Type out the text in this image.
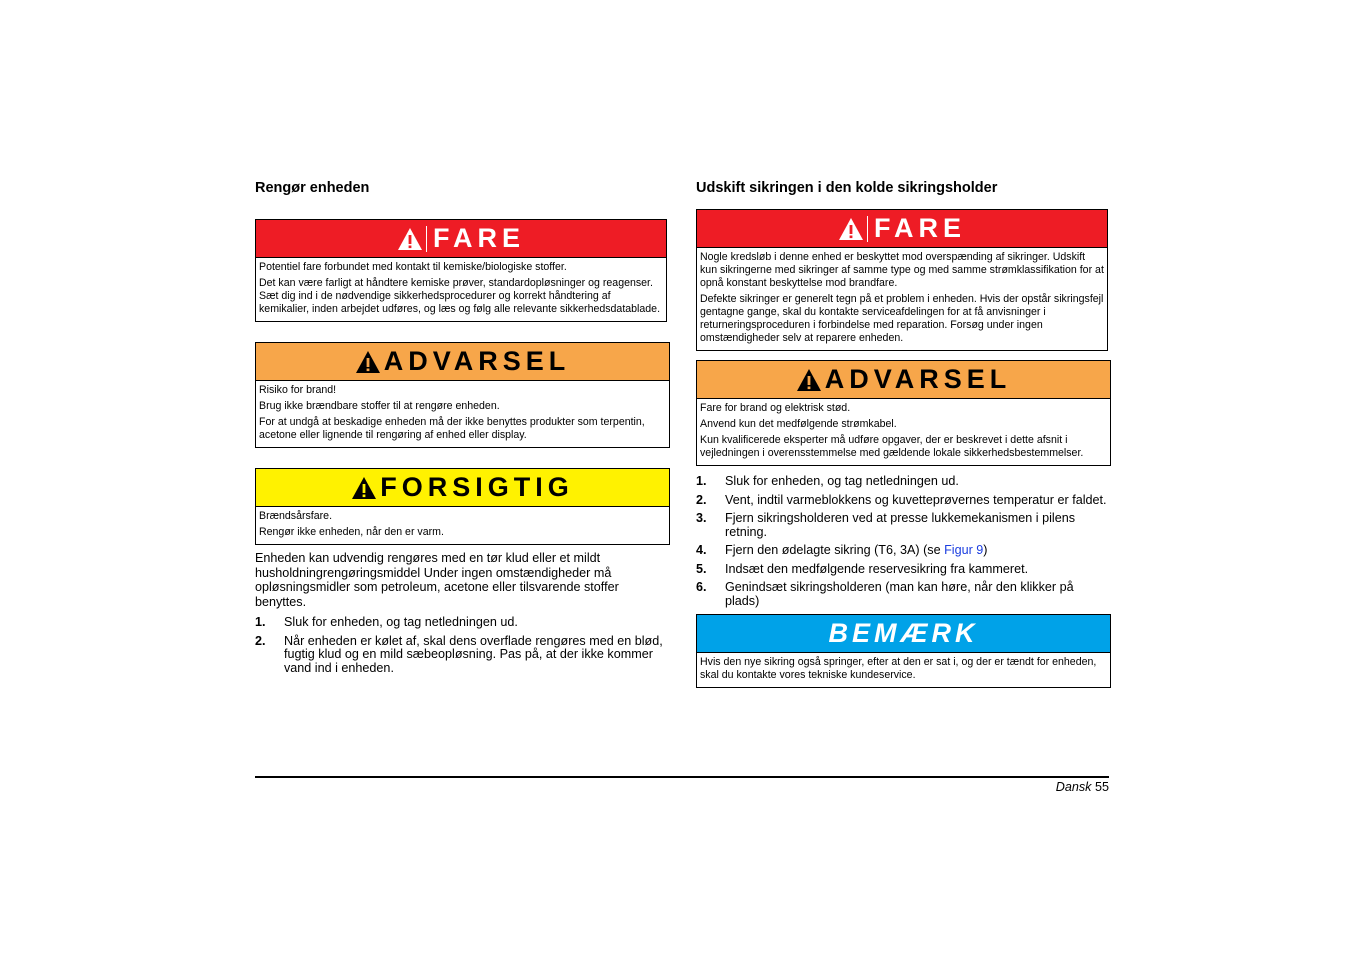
Rengør enheden
FARE

Potentiel fare forbundet med kontakt til kemiske/biologiske stoffer.

Det kan være farligt at håndtere kemiske prøver, standardopløsninger og reagenser. Sæt dig ind i de nødvendige sikkerhedsprocedurer og korrekt håndtering af kemikalier, inden arbejdet udføres, og læs og følg alle relevante sikkerhedsdatablade.

ADVARSEL

Risiko for brand!

Brug ikke brændbare stoffer til at rengøre enheden.

For at undgå at beskadige enheden må der ikke benyttes produkter som terpentin, acetone eller lignende til rengøring af enhed eller display.

FORSIGTIG

Brændsårsfare.

Rengør ikke enheden, når den er varm.

Enheden kan udvendig rengøres med en tør klud eller et mildt husholdningrengøringsmiddel Under ingen omstændigheder må opløsningsmidler som petroleum, acetone eller tilsvarende stoffer benyttes.

1. Sluk for enheden, og tag netledningen ud.
2. Når enheden er kølet af, skal dens overflade rengøres med en blød, fugtig klud og en mild sæbeopløsning. Pas på, at der ikke kommer vand ind i enheden.
Udskift sikringen i den kolde sikringsholder
FARE

Nogle kredsløb i denne enhed er beskyttet mod overspænding af sikringer. Udskift kun sikringerne med sikringer af samme type og med samme strømklassifikation for at opnå konstant beskyttelse mod brandfare.

Defekte sikringer er generelt tegn på et problem i enheden. Hvis der opstår sikringsfejl gentagne gange, skal du kontakte serviceafdelingen for at få anvisninger i returneringsproceduren i forbindelse med reparation. Forsøg under ingen omstændigheder selv at reparere enheden.

ADVARSEL

Fare for brand og elektrisk stød.

Anvend kun det medfølgende strømkabel.

Kun kvalificerede eksperter må udføre opgaver, der er beskrevet i dette afsnit i vejledningen i overensstemmelse med gældende lokale sikkerhedsbestemmelser.

1. Sluk for enheden, og tag netledningen ud.
2. Vent, indtil varmeblokkens og kuvetteprøvernes temperatur er faldet.
3. Fjern sikringsholderen ved at presse lukkemekanismen i pilens retning.
4. Fjern den ødelagte sikring (T6, 3A) (se Figur 9)
5. Indsæt den medfølgende reservesikring fra kammeret.
6. Genindsæt sikringsholderen (man kan høre, når den klikker på plads)
BEMÆRK

Hvis den nye sikring også springer, efter at den er sat i, og der er tændt for enheden, skal du kontakte vores tekniske kundeservice.

Dansk 55
